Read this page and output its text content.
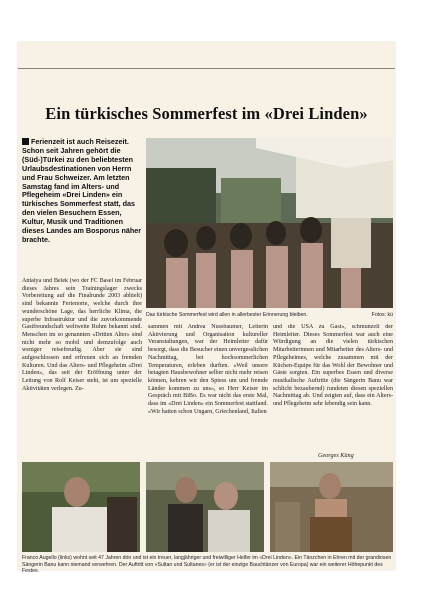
Ein türkisches Sommerfest im «Drei Linden»
Ferienzeit ist auch Reisezeit. Schon seit Jahren gehört die (Süd-)Türkei zu den beliebtesten Urlaubsdestinationen von Herrn und Frau Schweizer. Am letzten Samstag fand im Alters- und Pflegeheim «Drei Linden» ein türkisches Sommerfest statt, das den vielen Besuchern Essen, Kultur, Musik und Traditionen dieses Landes am Bosporus näher brachte.
Das türkische Sommerfest wird allen in allerbester Erinnerung bleiben.	Fotos: kü

Antalya und Belek (wo der FC Basel im Februar dieses Jahres sein Trainingslager zwecks Vorbereitung auf die Finalrunde 2003 abhielt) sind bekannte Ferienorte, welche durch ihre wunderschöne Lage, das herrliche Klima, die superbe Infrastruktur und die zuvorkommende Gastfreundschaft weltweite Ruhm bekannt sind. Menschen im so genannten «Dritten Alter» sind nicht mehr so mobil und demzufolge auch weniger reisefreudig. Aber sie sind aufgeschlossen und erfreuen sich an fremden Kulturen. Und das Alters- und Pflegeheim «Drei Linden», das seit der Eröffnung unter der Leitung von Rolf Keiser steht, ist um spezielle Aktivitäten verlegen. Zu-

sammen mit Andrea Nussbaumer, Leiterin Aktivierung und Organisation kultureller Veranstaltungen, war der Heimleiter dafür besorgt, dass die Besucher einen unvergesslichen Nachmittag, bei hochsommerlichen Temperaturen, erleben durften. «Weil unsere betagten Hausbewohner selber nicht mehr reisen können, kehren wir den Spiess um und fremde Länder kommen zu uns», so Herr Keiser im Gespräch mit BiBo. Es war nicht das erste Mal, dass im «Drei Linden» ein Sommerfest stattfand. «Wir hatten schon Ungarn, Griechenland, Italien

und die USA zu Gast», schmunzelt der Heimleiter. Dieses Sommerfest war auch eine Würdigung an die vielen türkischen Mitarbeiterinnen und Mitarbeiter des Alters- und Pflegeheimes, welche zusammen mit der Küchen-Equipe für das Wohl der Bewohner und Gäste sorgten. Ein superbes Essen und diverse musikalische Auftritte (die Sängerin Banu war schlicht bezaubernd) rundeten diesen speziellen Nachmittag ab. Und zeigten auf, dass ein Alters- und Pflegeheim sehr lebendig sein kann.

Georges Küng
Franco Augello (links) wohnt seit 47 Jahren drin und ist ein treuer, langjähriger und freiwilliger Helfer im «Drei Linden». Ein Tänzchen in Ehren mit der grandiosen Sängerin Banu kann niemand verwehren. Der Auftritt von «Sultan und Sultanes» (er ist der einzige Bauchtänzer von Europa) war ein weiterer Höhepunkt des Festes.
